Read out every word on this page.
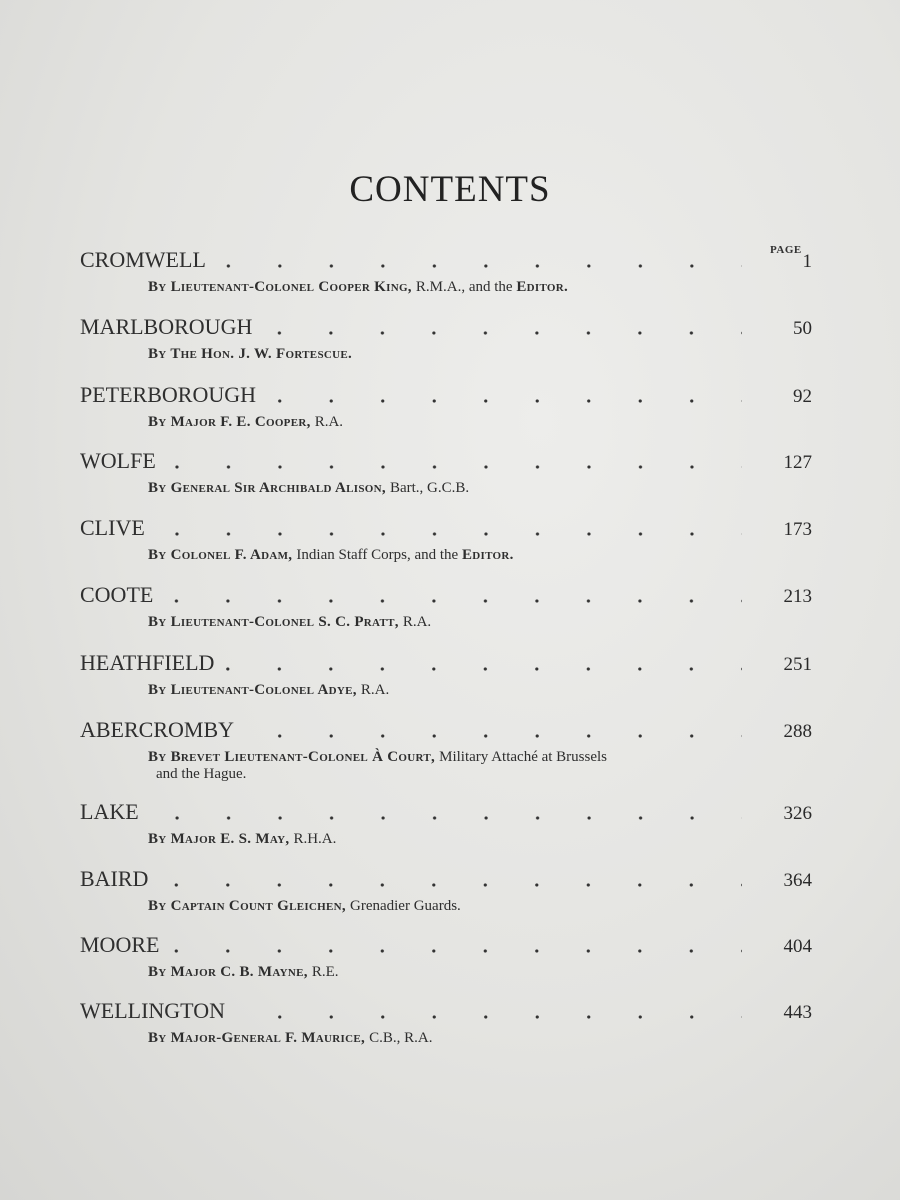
CONTENTS
PAGE
CROMWELL	1
By Lieutenant-Colonel Cooper King, R.M.A., and the Editor.
MARLBOROUGH	50
By The Hon. J. W. Fortescue.
PETERBOROUGH	92
By Major F. E. Cooper, R.A.
WOLFE	127
By General Sir Archibald Alison, Bart., G.C.B.
CLIVE	173
By Colonel F. Adam, Indian Staff Corps, and the Editor.
COOTE	213
By Lieutenant-Colonel S. C. Pratt, R.A.
HEATHFIELD	251
By Lieutenant-Colonel Adye, R.A.
ABERCROMBY	288
By Brevet Lieutenant-Colonel À Court, Military Attaché at Brussels
and the Hague.
LAKE	326
By Major E. S. May, R.H.A.
BAIRD	364
By Captain Count Gleichen, Grenadier Guards.
MOORE	404
By Major C. B. Mayne, R.E.
WELLINGTON	443
By Major-General F. Maurice, C.B., R.A.
